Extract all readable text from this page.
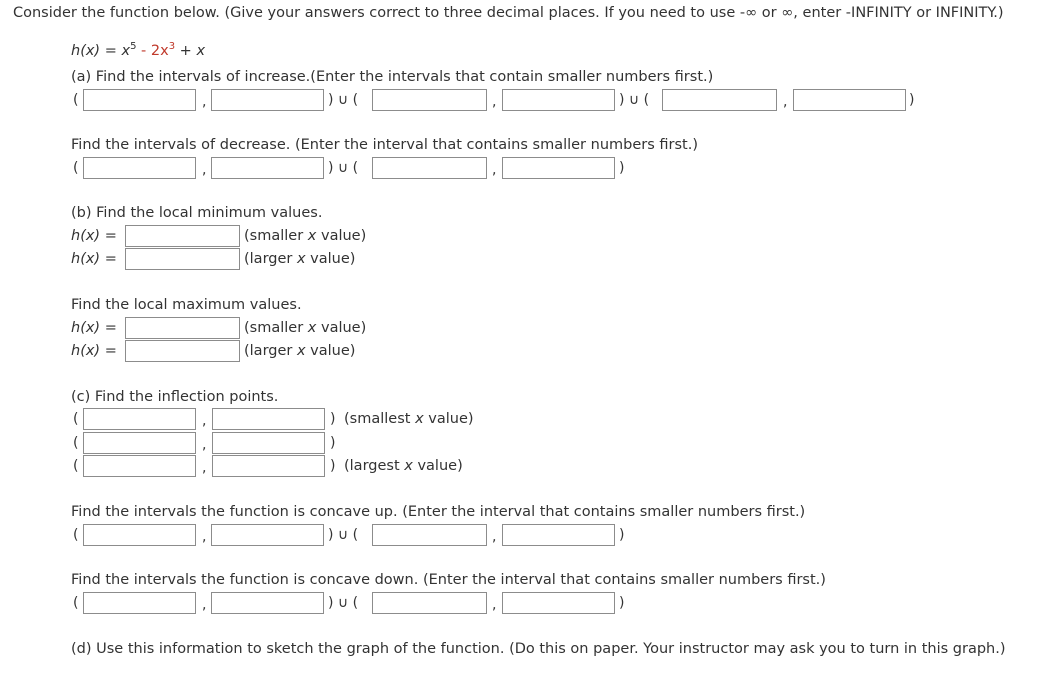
Consider the function below. (Give your answers correct to three decimal places. If you need to use -∞ or ∞, enter -INFINITY or INFINITY.)
$h(x) = x^5 - 2x^3 + x$
(a) Find the intervals of increase.(Enter the intervals that contain smaller numbers first.)
(	,	) ∪ (	,	) ∪ (	,	)
Find the intervals of decrease. (Enter the interval that contains smaller numbers first.)
(	,	) ∪ (	,	)
(b) Find the local minimum values.
h(x) =	(smaller x value)
h(x) =	(larger x value)
Find the local maximum values.
h(x) =	(smaller x value)
h(x) =	(larger x value)
(c) Find the inflection points.
(	,	) (smallest x value)
(	,	)
(	,	) (largest x value)
Find the intervals the function is concave up. (Enter the interval that contains smaller numbers first.)
(	,	) ∪ (	,	)
Find the intervals the function is concave down. (Enter the interval that contains smaller numbers first.)
(	,	) ∪ (	,	)
(d) Use this information to sketch the graph of the function. (Do this on paper. Your instructor may ask you to turn in this graph.)
